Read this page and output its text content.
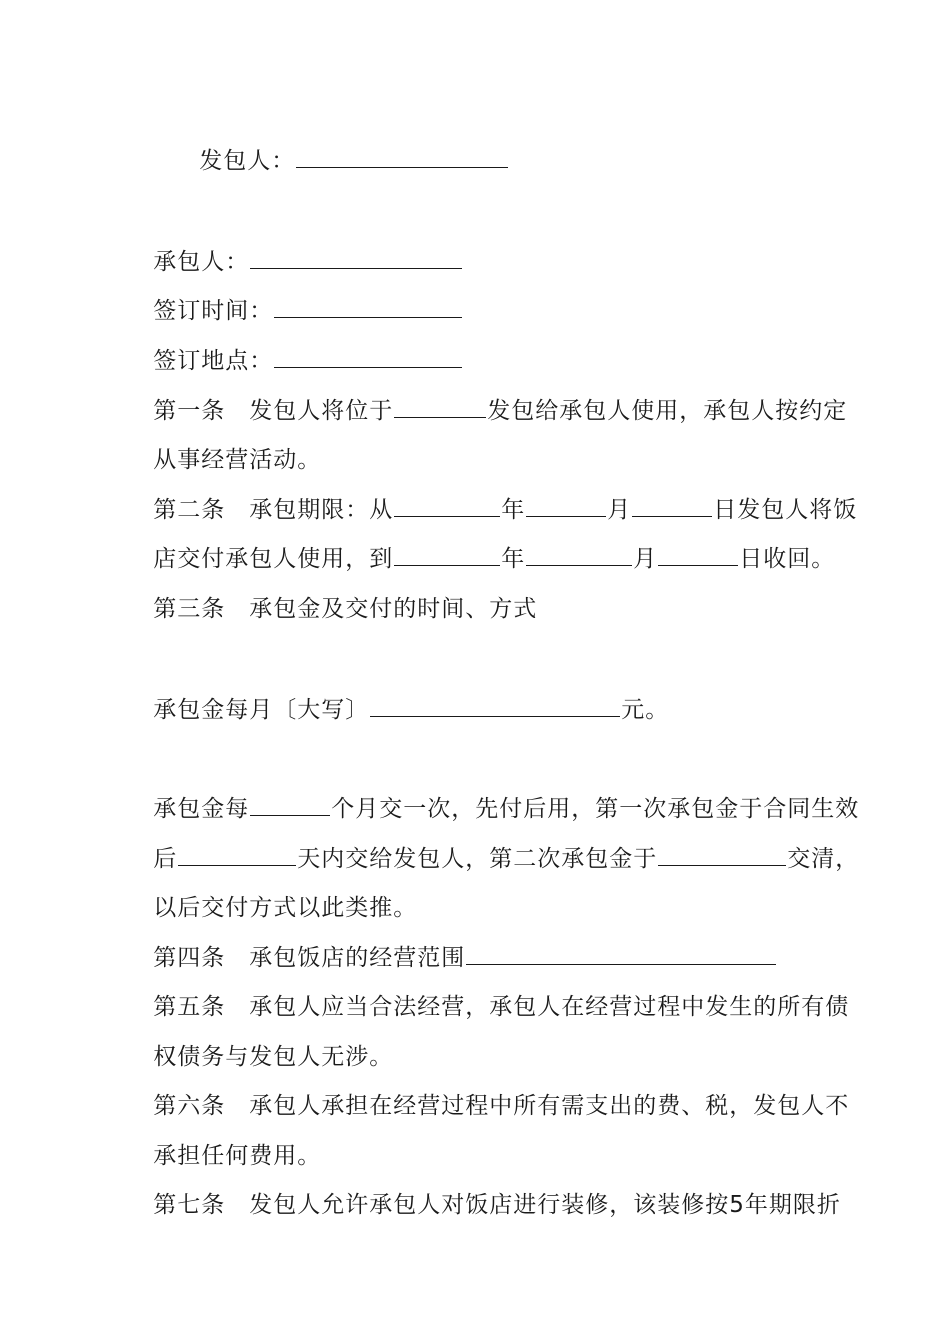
发包人：

承包人：

签订时间：

签订地点：

第一条　发包人将位于	发包给承包人使用，承包人按约定

从事经营活动。

第二条　承包期限：从	年	月	日发包人将饭

店交付承包人使用，到	年	月	日收回。

第三条　承包金及交付的时间、方式

承包金每月〔大写〕	元。

承包金每	个月交一次，先付后用，第一次承包金于合同生效

后	天内交给发包人，第二次承包金于	交清，

以后交付方式以此类推。

第四条　承包饭店的经营范围

第五条　承包人应当合法经营，承包人在经营过程中发生的所有债

权债务与发包人无涉。

第六条　承包人承担在经营过程中所有需支出的费、税，发包人不

承担任何费用。

第七条　发包人允许承包人对饭店进行装修，该装修按5年期限折
